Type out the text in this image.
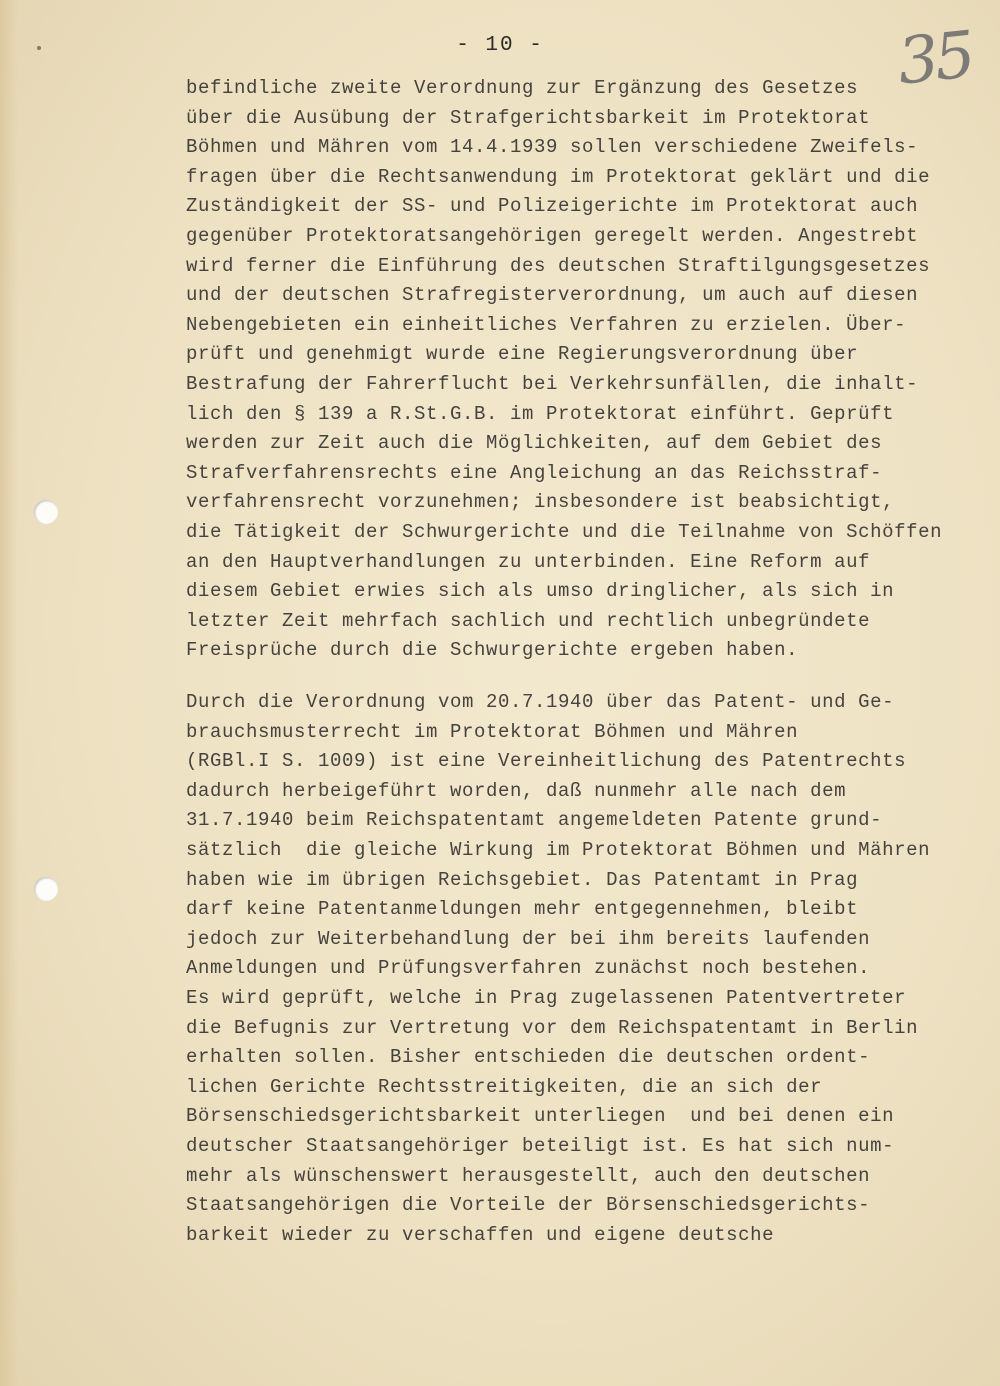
- 10 -	35
befindliche zweite Verordnung zur Ergänzung des Gesetzes
über die Ausübung der Strafgerichtsbarkeit im Protektorat
Böhmen und Mähren vom 14.4.1939 sollen verschiedene Zweifels-
fragen über die Rechtsanwendung im Protektorat geklärt und die
Zuständigkeit der SS- und Polizeigerichte im Protektorat auch
gegenüber Protektoratsangehörigen geregelt werden. Angestrebt
wird ferner die Einführung des deutschen Straftilgungsgesetzes
und der deutschen Strafregisterverordnung, um auch auf diesen
Nebengebieten ein einheitliches Verfahren zu erzielen. Über-
prüft und genehmigt wurde eine Regierungsverordnung über
Bestrafung der Fahrerflucht bei Verkehrsunfällen, die inhalt-
lich den § 139 a R.St.G.B. im Protektorat einführt. Geprüft
werden zur Zeit auch die Möglichkeiten, auf dem Gebiet des
Strafverfahrensrechts eine Angleichung an das Reichsstraf-
verfahrensrecht vorzunehmen; insbesondere ist beabsichtigt,
die Tätigkeit der Schwurgerichte und die Teilnahme von Schöffen
an den Hauptverhandlungen zu unterbinden. Eine Reform auf
diesem Gebiet erwies sich als umso dringlicher, als sich in
letzter Zeit mehrfach sachlich und rechtlich unbegründete
Freisprüche durch die Schwurgerichte ergeben haben.
Durch die Verordnung vom 20.7.1940 über das Patent- und Ge-
brauchsmusterrecht im Protektorat Böhmen und Mähren
(RGBl.I S. 1009) ist eine Vereinheitlichung des Patentrechts
dadurch herbeigeführt worden, daß nunmehr alle nach dem
31.7.1940 beim Reichspatentamt angemeldeten Patente grund-
sätzlich  die gleiche Wirkung im Protektorat Böhmen und Mähren
haben wie im übrigen Reichsgebiet. Das Patentamt in Prag
darf keine Patentanmeldungen mehr entgegennehmen, bleibt
jedoch zur Weiterbehandlung der bei ihm bereits laufenden
Anmeldungen und Prüfungsverfahren zunächst noch bestehen.
Es wird geprüft, welche in Prag zugelassenen Patentvertreter
die Befugnis zur Vertretung vor dem Reichspatentamt in Berlin
erhalten sollen. Bisher entschieden die deutschen ordent-
lichen Gerichte Rechtsstreitigkeiten, die an sich der
Börsenschiedsgerichtsbarkeit unterliegen  und bei denen ein
deutscher Staatsangehöriger beteiligt ist. Es hat sich num-
mehr als wünschenswert herausgestellt, auch den deutschen
Staatsangehörigen die Vorteile der Börsenschiedsgerichts-
barkeit wieder zu verschaffen und eigene deutsche
